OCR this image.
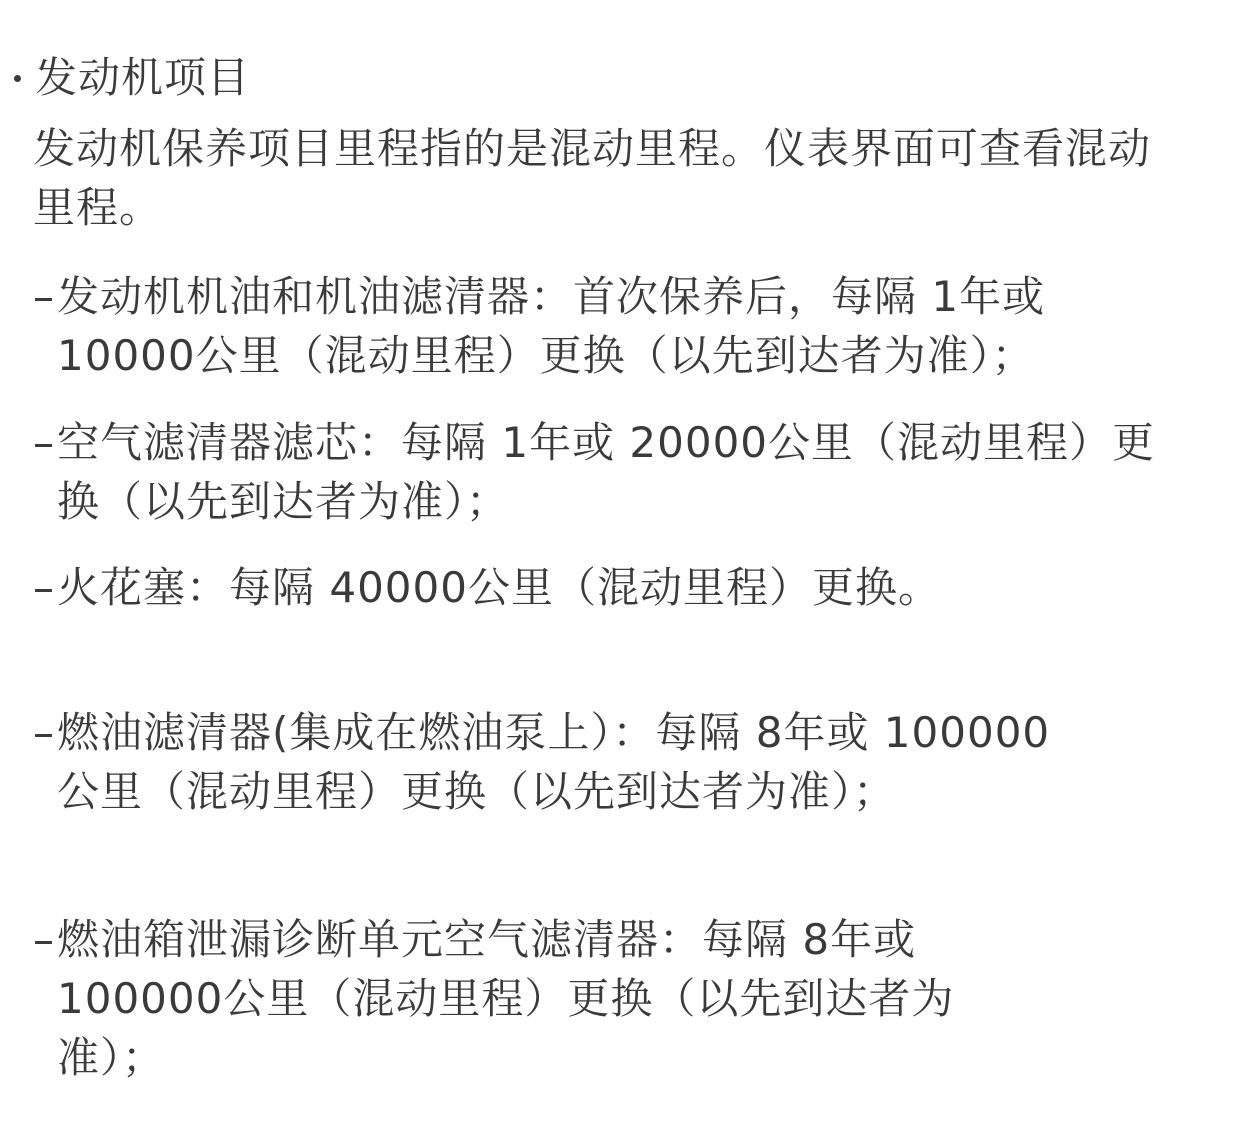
发动机项目
发动机保养项目里程指的是混动里程。仪表界面可查看混动里程。
– 发动机机油和机油滤清器：首次保养后，每隔 1年或 10000公里（混动里程）更换（以先到达者为准）；
– 空气滤清器滤芯：每隔 1年或 20000公里（混动里程）更换（以先到达者为准）；
– 火花塞：每隔 40000公里（混动里程）更换。
– 燃油滤清器(集成在燃油泵上）：每隔 8年或 100000公里（混动里程）更换（以先到达者为准）；
– 燃油箱泄漏诊断单元空气滤清器：每隔 8年或 100000公里（混动里程）更换（以先到达者为准）；
